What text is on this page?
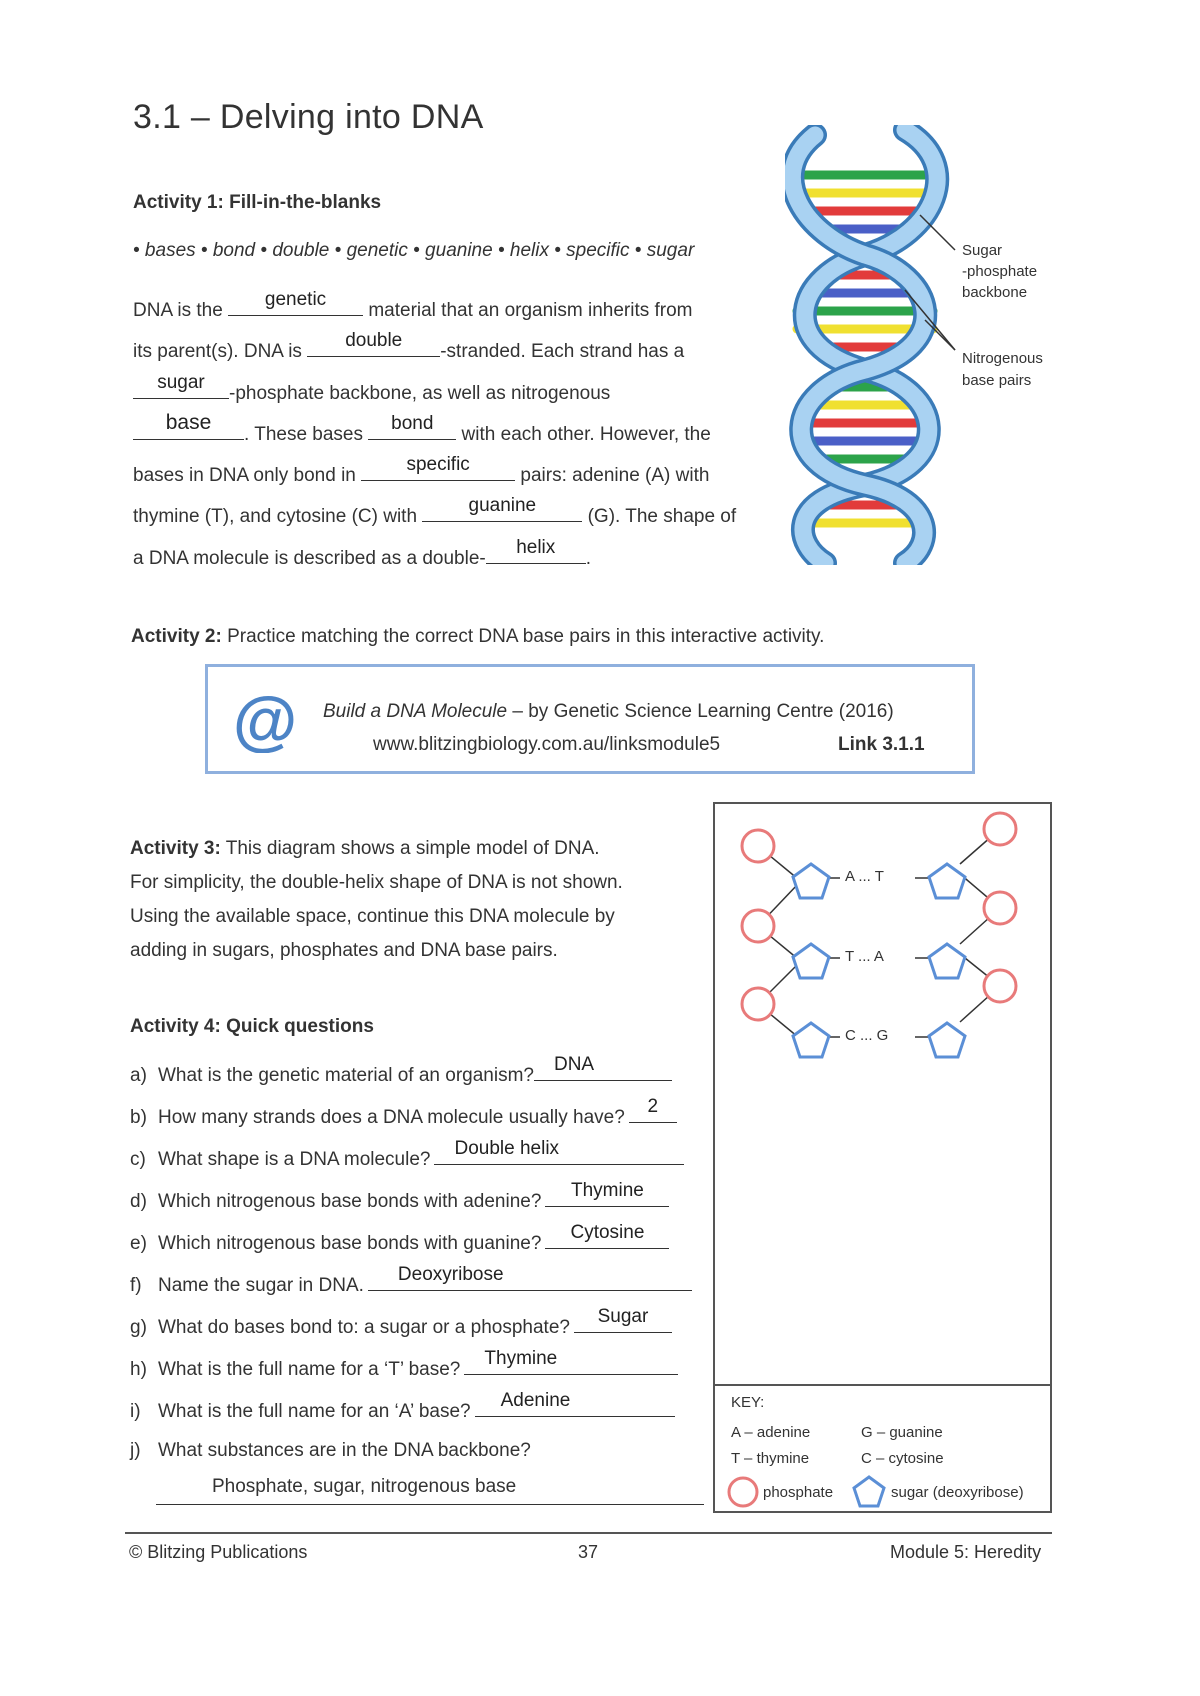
3.1 – Delving into DNA
Activity 1: Fill-in-the-blanks
• bases • bond • double • genetic • guanine • helix • specific • sugar
DNA is the
genetic
material that an organism inherits from
its parent(s). DNA is
double
-stranded. Each strand has a
sugar
-phosphate backbone, as well as nitrogenous
base
. These bases
bond
with each other. However, the
bases in DNA only bond in
specific
pairs: adenine (A) with
thymine (T), and cytosine (C) with
guanine
(G). The shape of
a DNA molecule is described as a double-
helix
.
Sugar
-phosphate
backbone
Nitrogenous
base pairs
Activity 2: Practice matching the correct DNA base pairs in this interactive activity.
@ Build a DNA Molecule – by Genetic Science Learning Centre (2016)
www.blitzingbiology.com.au/linksmodule5	Link 3.1.1
Activity 3: This diagram shows a simple model of DNA.
For simplicity, the double-helix shape of DNA is not shown.
Using the available space, continue this DNA molecule by
adding in sugars, phosphates and DNA base pairs.
A ... T
T ... A
C ... G
KEY:
A – adenine	G – guanine
T – thymine	C – cytosine
phosphate	sugar (deoxyribose)
Activity 4: Quick questions
a) What is the genetic material of an organism?
DNA
b) How many strands does a DNA molecule usually have?
2
c) What shape is a DNA molecule?
Double helix
d) Which nitrogenous base bonds with adenine?
Thymine
e) Which nitrogenous base bonds with guanine?
Cytosine
f) Name the sugar in DNA.
Deoxyribose
g) What do bases bond to: a sugar or a phosphate?
Sugar
h) What is the full name for a ‘T’ base?
Thymine
i) What is the full name for an ‘A’ base?
Adenine
j) What substances are in the DNA backbone?
Phosphate, sugar, nitrogenous base
© Blitzing Publications	37	Module 5: Heredity
